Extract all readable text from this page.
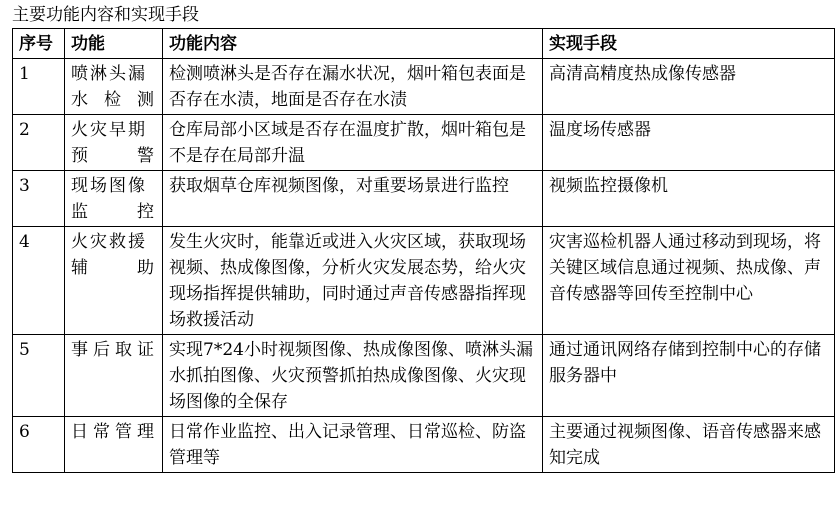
主要功能内容和实现手段
序号	功能	功能内容	实现手段
1	喷淋头漏水检测	检测喷淋头是否存在漏水状况，烟叶箱包表面是否存在水渍，地面是否存在水渍	高清高精度热成像传感器
2	火灾早期预警	仓库局部小区域是否存在温度扩散，烟叶箱包是不是存在局部升温	温度场传感器
3	现场图像监控	获取烟草仓库视频图像，对重要场景进行监控	视频监控摄像机
4	火灾救援辅助	发生火灾时，能靠近或进入火灾区域，获取现场视频、热成像图像，分析火灾发展态势，给火灾现场指挥提供辅助，同时通过声音传感器指挥现场救援活动	灾害巡检机器人通过移动到现场，将关键区域信息通过视频、热成像、声音传感器等回传至控制中心
5	事后取证	实现7*24小时视频图像、热成像图像、喷淋头漏水抓拍图像、火灾预警抓拍热成像图像、火灾现场图像的全保存	通过通讯网络存储到控制中心的存储服务器中
6	日常管理	日常作业监控、出入记录管理、日常巡检、防盗管理等	主要通过视频图像、语音传感器来感知完成
